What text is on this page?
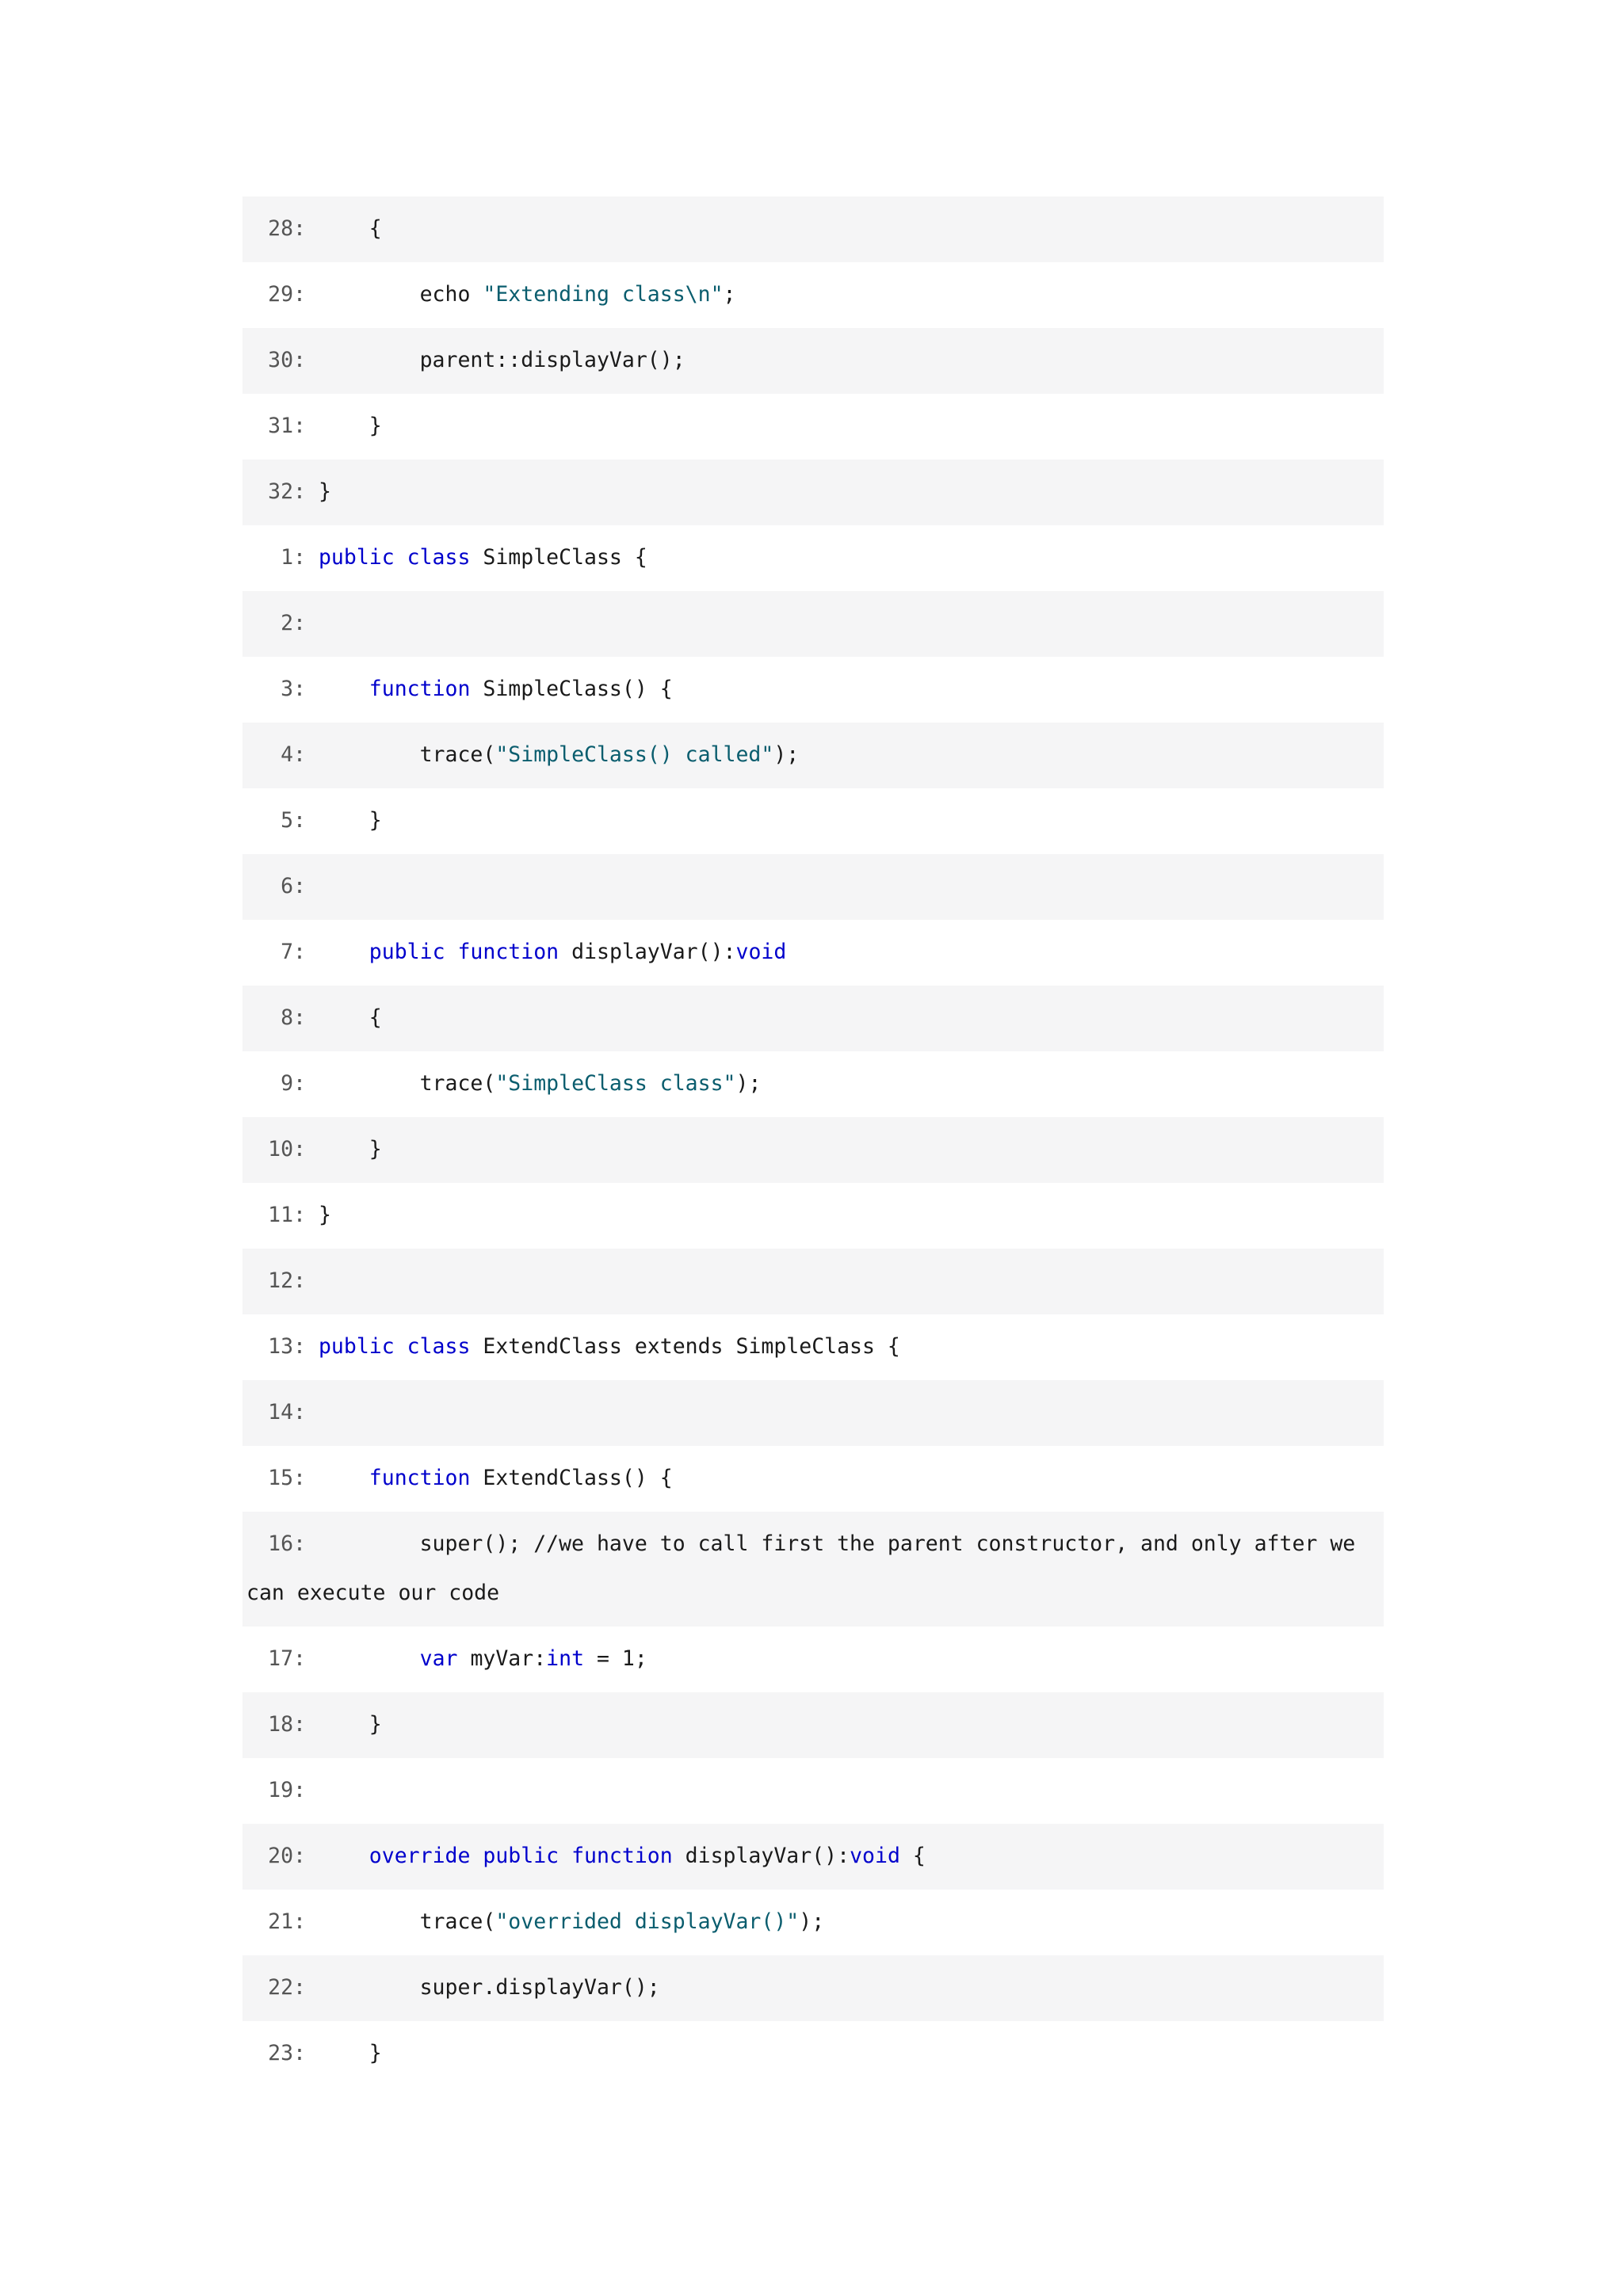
28:     {
29:         echo "Extending class\n";
30:         parent::displayVar();
31:     }
32: }
1: public class SimpleClass {
2:
3:	function SimpleClass() {
4:         trace("SimpleClass() called");
5:     }
6:
7:	public function displayVar():void
8:     {
9:         trace("SimpleClass class");
10:     }
11: }
12:
13: public class ExtendClass extends SimpleClass {
14:
15:	function ExtendClass() {
16:         super(); //we have to call first the parent constructor, and only after we can execute our code
17:	var myVar:int = 1;
18:     }
19:
20:	override public function displayVar():void {
21:         trace("overrided displayVar()");
22:         super.displayVar();
23:     }
